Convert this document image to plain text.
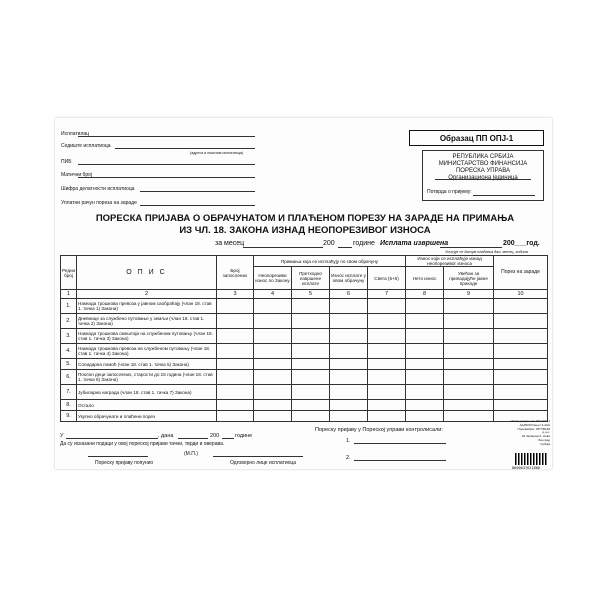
Исплатилац
Седиште исплатиоца
(адреса и општина исплатиоца)
ПИБ
Матични број
Шифра делатности исплатиоца
Уплатни рачун пореза на зараде
Образац ПП ОПЈ-1
РЕПУБЛИКА СРБИЈА
МИНИСТАРСТВО ФИНАНСИЈА
ПОРЕСКА УПРАВА
Организациона јединица
Потврда о пријему:
ПОРЕСКА ПРИЈАВА О ОБРАЧУНАТОМ И ПЛАЋЕНОМ ПОРЕЗУ НА ЗАРАДЕ НА ПРИМАЊА
ИЗ ЧЛ. 18. ЗАКОНА ИЗНАД НЕОПОРЕЗИВОГ ИЗНОСА
за месец	200	године Исплата извршена	200___год.
Уписује се датум плаћања дан, месец, година
Редни број	О П И С	Број запослених	Примања која се исплаћују по свом обрачуну				Износ који се исплаћује изнад неопорезивог износа		Порез на зараде
			Неопорезиви износ по Закону	Претходно извршене исплате	Износ исплате у овом обрачуну	Свега (5+6)	Нето износ	Увећан за припадајуће јавне приходе	
1	2	3	4	5	6	7	8	9	10
1.	Накнада трошкова превоза у јавном саобраћају (члан 18. став 1. тачка 1) Закона)								
2.	Дневнице за службено путовање у земљи (члан 18. став 1. тачка 2) Закона)								
3.	Накнада трошкова смештаја на службеном путовању (члан 18. став 1. тачка 3) Закона)								
4.	Накнада трошкова превоза на службеном путовању (члан 18. став 1. тачка 4) Закона)								
5.	Солидарна помоћ (члан 18. став 1. тачка 5) Закона)								
6.	Поклон деци запослених, старости до 15 година (члан 18. став 1. тачка 6) Закона)								
7.	Јубиларна награда (члан 18. став 1. тачка 7) Закона)								
8.	Остало								
9.	Укупно обрачунати и плаћени порез								
У	, дана	200	године
Да су исказани подаци у овој пореској пријави тачни, тврди и оверава.
(М.П.)
Пореску пријаву попунио	Одговорно лице исплатиоца
Пореску пријаву у Пореској управи контролисали:
1.
2.
Назив документа: ПП ОПЈ-1
АА/ЛКЛ/Клиент 3-2АА
Произвођач: OPTIMUM д.о.о.
18 Јапанска 4, Нови Београд
Србија
8600037621806
